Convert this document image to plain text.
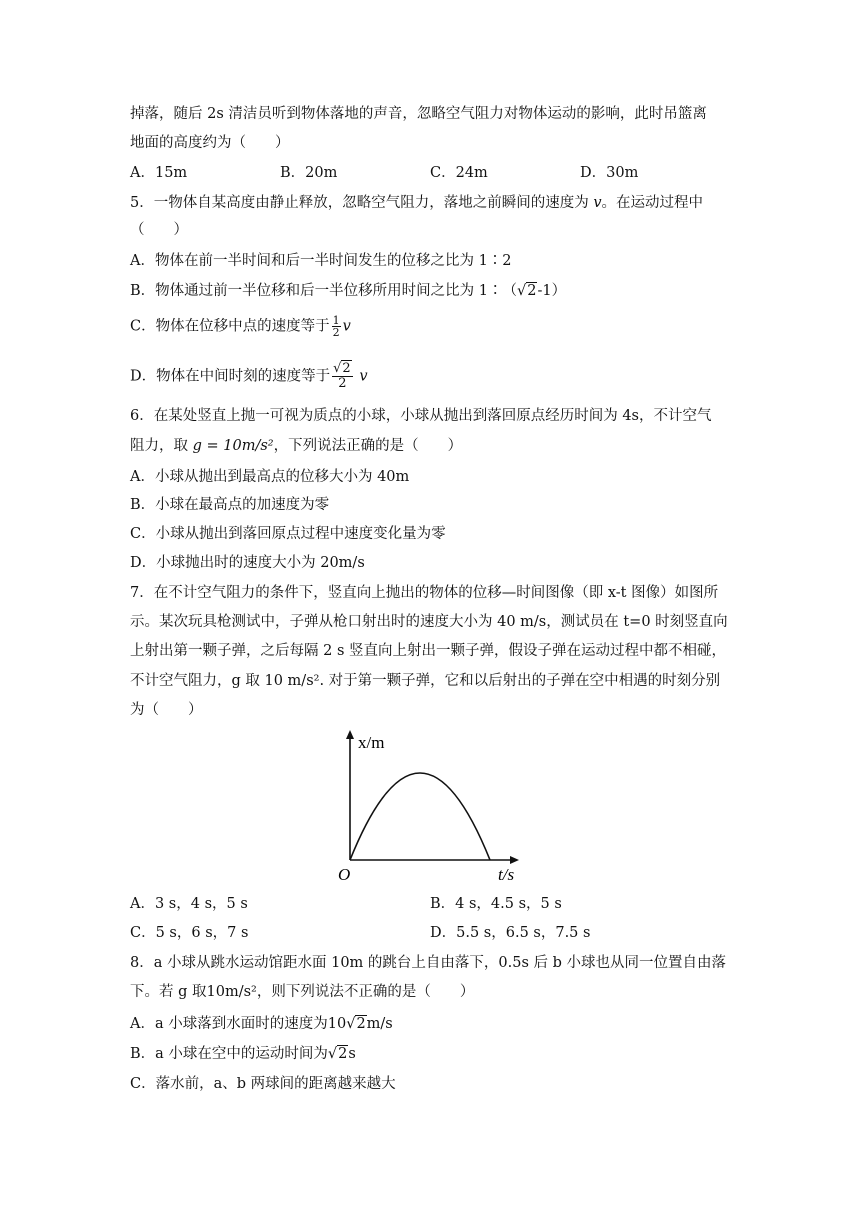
掉落，随后 2s 清洁员听到物体落地的声音，忽略空气阻力对物体运动的影响，此时吊篮离
地面的高度约为（　　）
A．15m	B．20m	C．24m	D．30m
5．一物体自某高度由静止释放，忽略空气阻力，落地之前瞬间的速度为 v。在运动过程中
（　　）
A．物体在前一半时间和后一半时间发生的位移之比为 1∶2
B．物体通过前一半位移和后一半位移所用时间之比为 1∶（√2-1）
C．物体在位移中点的速度等于 $\frac{1}{2}$ v
D．物体在中间时刻的速度等于 $\frac{√2}{2}$ v
6．在某处竖直上抛一可视为质点的小球，小球从抛出到落回原点经历时间为 4s，不计空气
阻力，取 g = 10m/s²，下列说法正确的是（　　）
A．小球从抛出到最高点的位移大小为 40m
B．小球在最高点的加速度为零
C．小球从抛出到落回原点过程中速度变化量为零
D．小球抛出时的速度大小为 20m/s
7．在不计空气阻力的条件下，竖直向上抛出的物体的位移—时间图像（即 x-t 图像）如图所
示。某次玩具枪测试中，子弹从枪口射出时的速度大小为 40 m/s，测试员在 t=0 时刻竖直向
上射出第一颗子弹，之后每隔 2 s 竖直向上射出一颗子弹，假设子弹在运动过程中都不相碰，
不计空气阻力，g 取 10 m/s². 对于第一颗子弹，它和以后射出的子弹在空中相遇的时刻分别
为（　　）
x/m
t/s
O
A．3 s，4 s，5 s	B．4 s，4.5 s，5 s
C．5 s，6 s，7 s	D．5.5 s，6.5 s，7.5 s
8．a 小球从跳水运动馆距水面 10m 的跳台上自由落下，0.5s 后 b 小球也从同一位置自由落
下。若 g 取10m/s²，则下列说法不正确的是（　　）
A．a 小球落到水面时的速度为10√2m/s
B．a 小球在空中的运动时间为√2s
C．落水前，a、b 两球间的距离越来越大
